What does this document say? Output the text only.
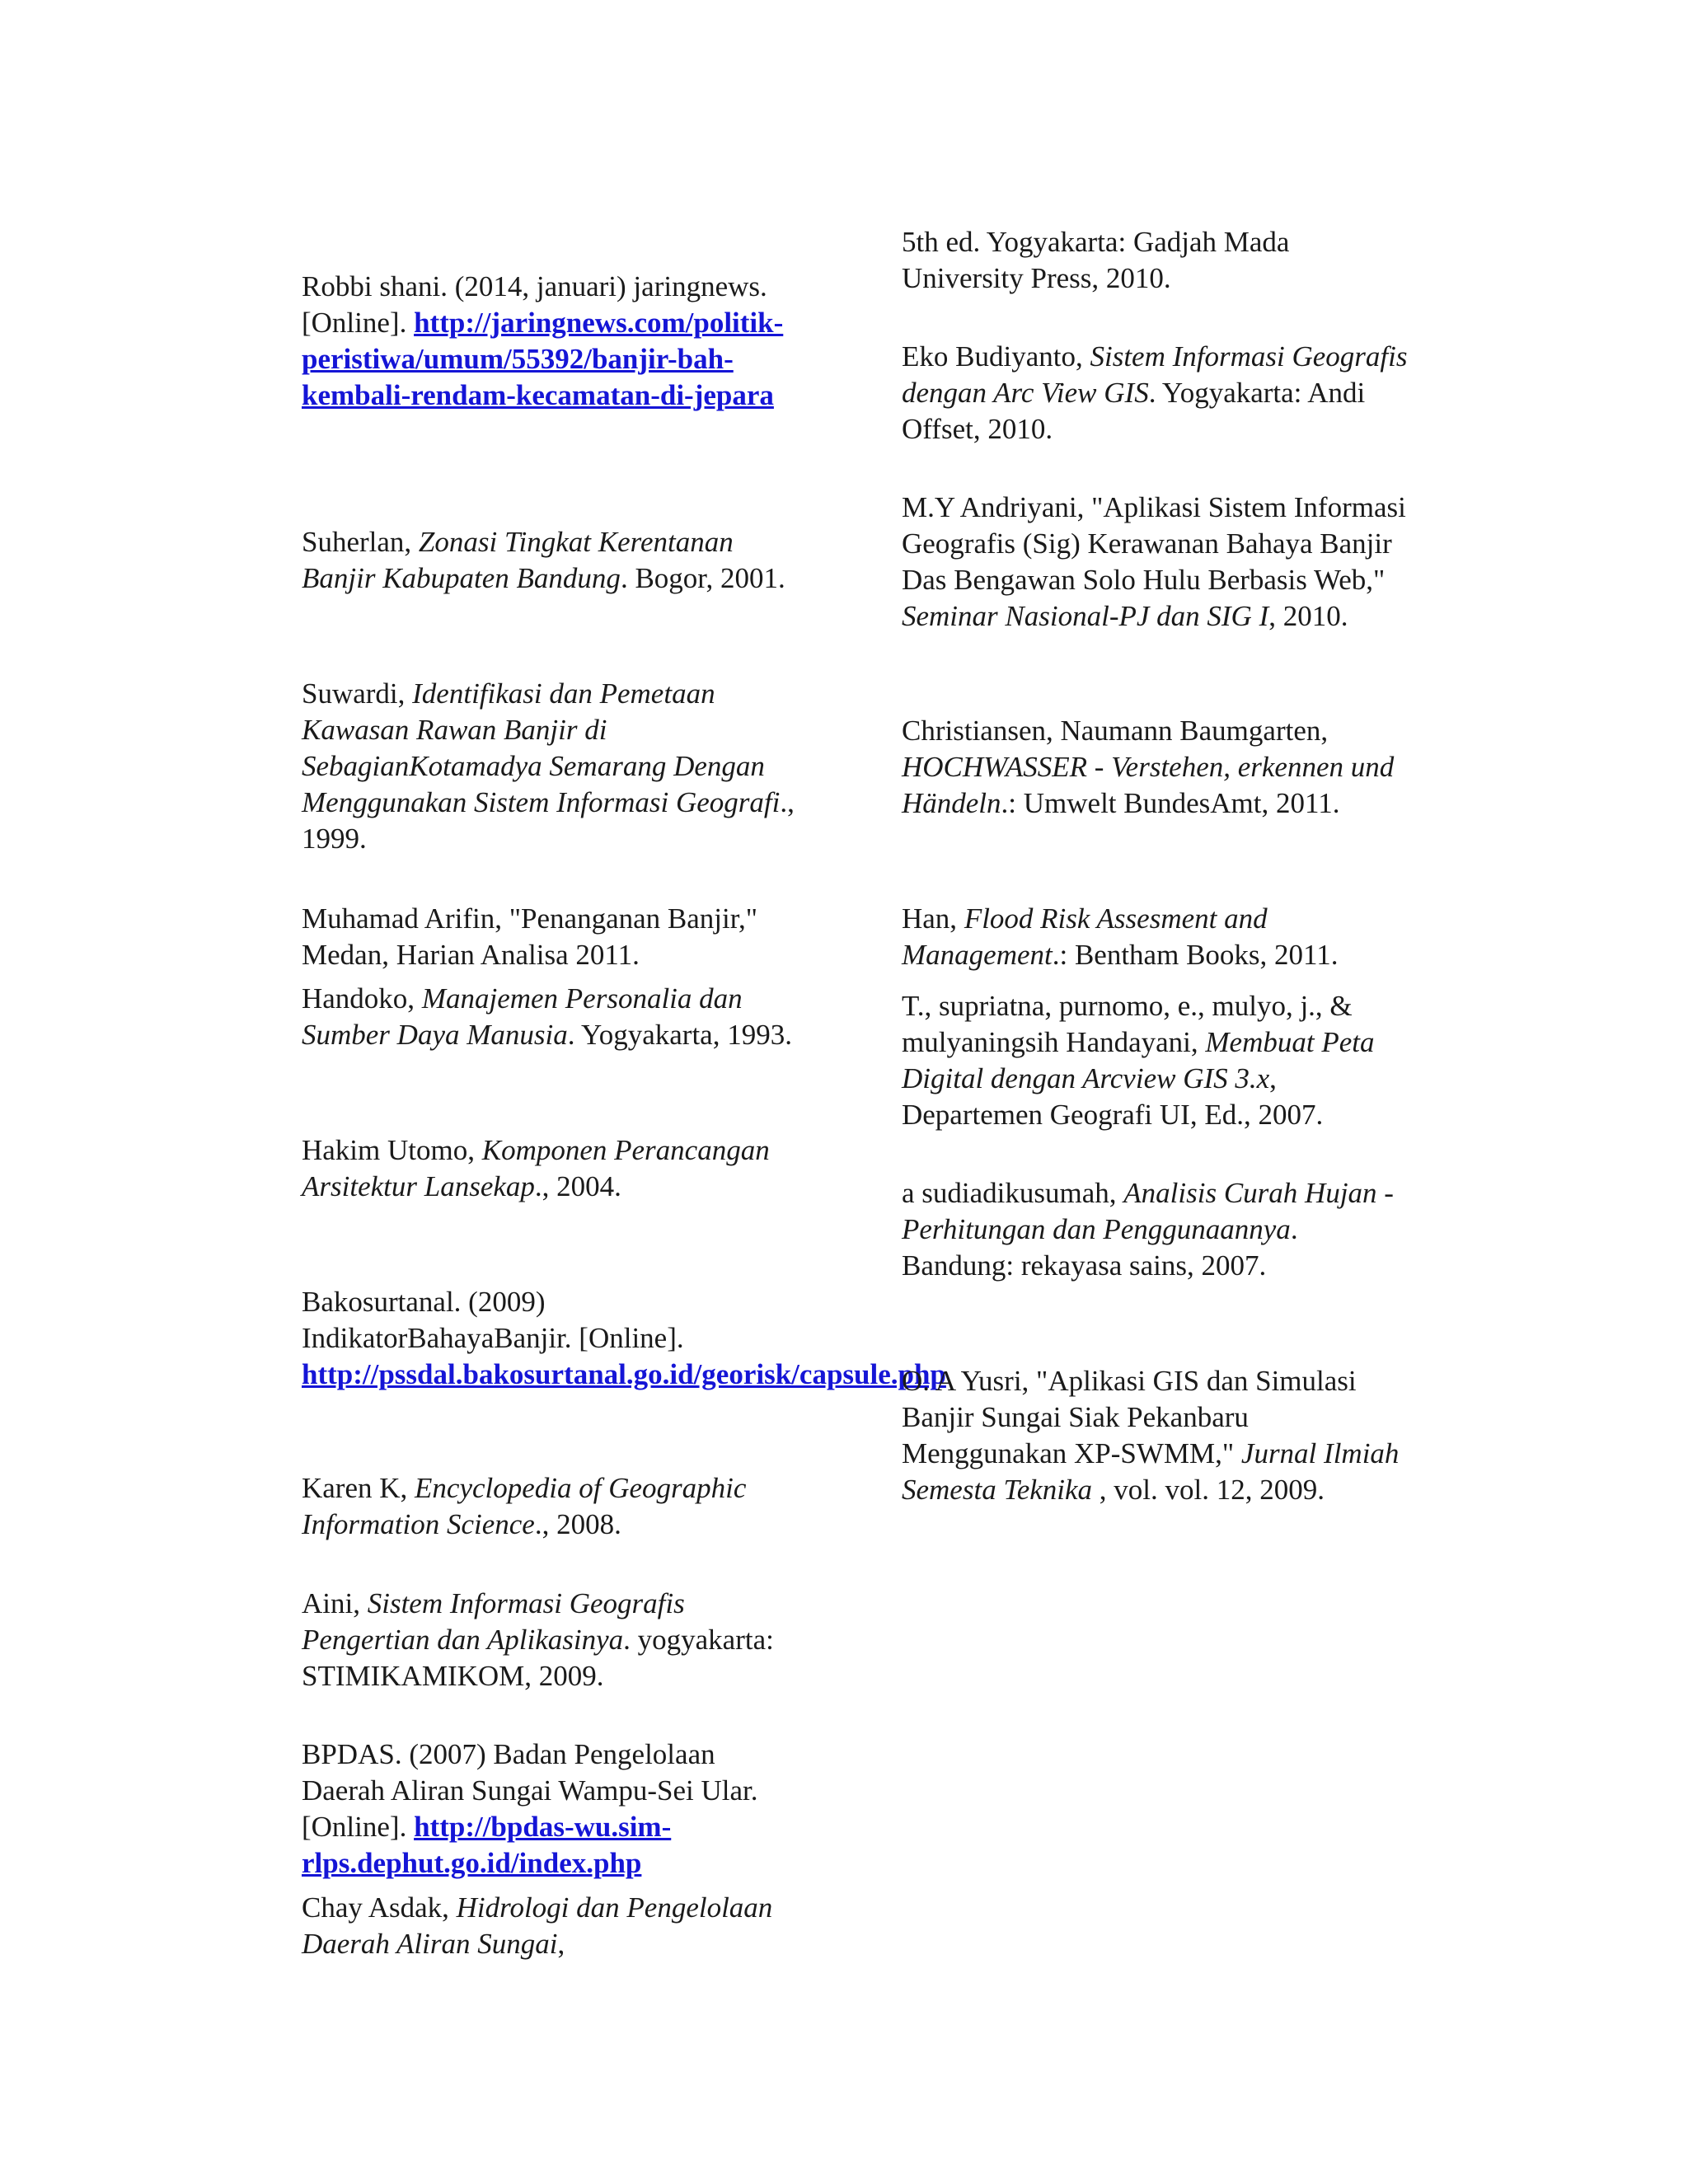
Robbi shani. (2014, januari) jaringnews. [Online]. http://jaringnews.com/politik-peristiwa/umum/55392/banjir-bah-kembali-rendam-kecamatan-di-jepara

Suherlan, Zonasi Tingkat Kerentanan Banjir Kabupaten Bandung. Bogor, 2001.

Suwardi, Identifikasi dan Pemetaan Kawasan Rawan Banjir di SebagianKotamadya Semarang Dengan Menggunakan Sistem Informasi Geografi., 1999.

Muhamad Arifin, "Penanganan Banjir," Medan, Harian Analisa 2011.

Handoko, Manajemen Personalia dan Sumber Daya Manusia. Yogyakarta, 1993.

Hakim Utomo, Komponen Perancangan Arsitektur Lansekap., 2004.

Bakosurtanal. (2009) IndikatorBahayaBanjir. [Online]. http://pssdal.bakosurtanal.go.id/georisk/capsule.php

Karen K, Encyclopedia of Geographic Information Science., 2008.

Aini, Sistem Informasi Geografis Pengertian dan Aplikasinya. yogyakarta: STIMIKAMIKOM, 2009.

BPDAS. (2007) Badan Pengelolaan Daerah Aliran Sungai Wampu-Sei Ular. [Online]. http://bpdas-wu.sim-rlps.dephut.go.id/index.php

Chay Asdak, Hidrologi dan Pengelolaan Daerah Aliran Sungai,

5th ed. Yogyakarta: Gadjah Mada University Press, 2010.

Eko Budiyanto, Sistem Informasi Geografis dengan Arc View GIS. Yogyakarta: Andi Offset, 2010.

M.Y Andriyani, "Aplikasi Sistem Informasi Geografis (Sig) Kerawanan Bahaya Banjir Das Bengawan Solo Hulu Berbasis Web," Seminar Nasional-PJ dan SIG I, 2010.

Christiansen, Naumann Baumgarten, HOCHWASSER - Verstehen, erkennen und Händeln.: Umwelt BundesAmt, 2011.

Han, Flood Risk Assesment and Management.: Bentham Books, 2011.

T., supriatna, purnomo, e., mulyo, j., & mulyaningsih Handayani, Membuat Peta Digital dengan Arcview GIS 3.x, Departemen Geografi UI, Ed., 2007.

a sudiadikusumah, Analisis Curah Hujan - Perhitungan dan Penggunaannya. Bandung: rekayasa sains, 2007.

O. A Yusri, "Aplikasi GIS dan Simulasi Banjir Sungai Siak Pekanbaru Menggunakan XP-SWMM," Jurnal Ilmiah Semesta Teknika , vol. vol. 12, 2009.
